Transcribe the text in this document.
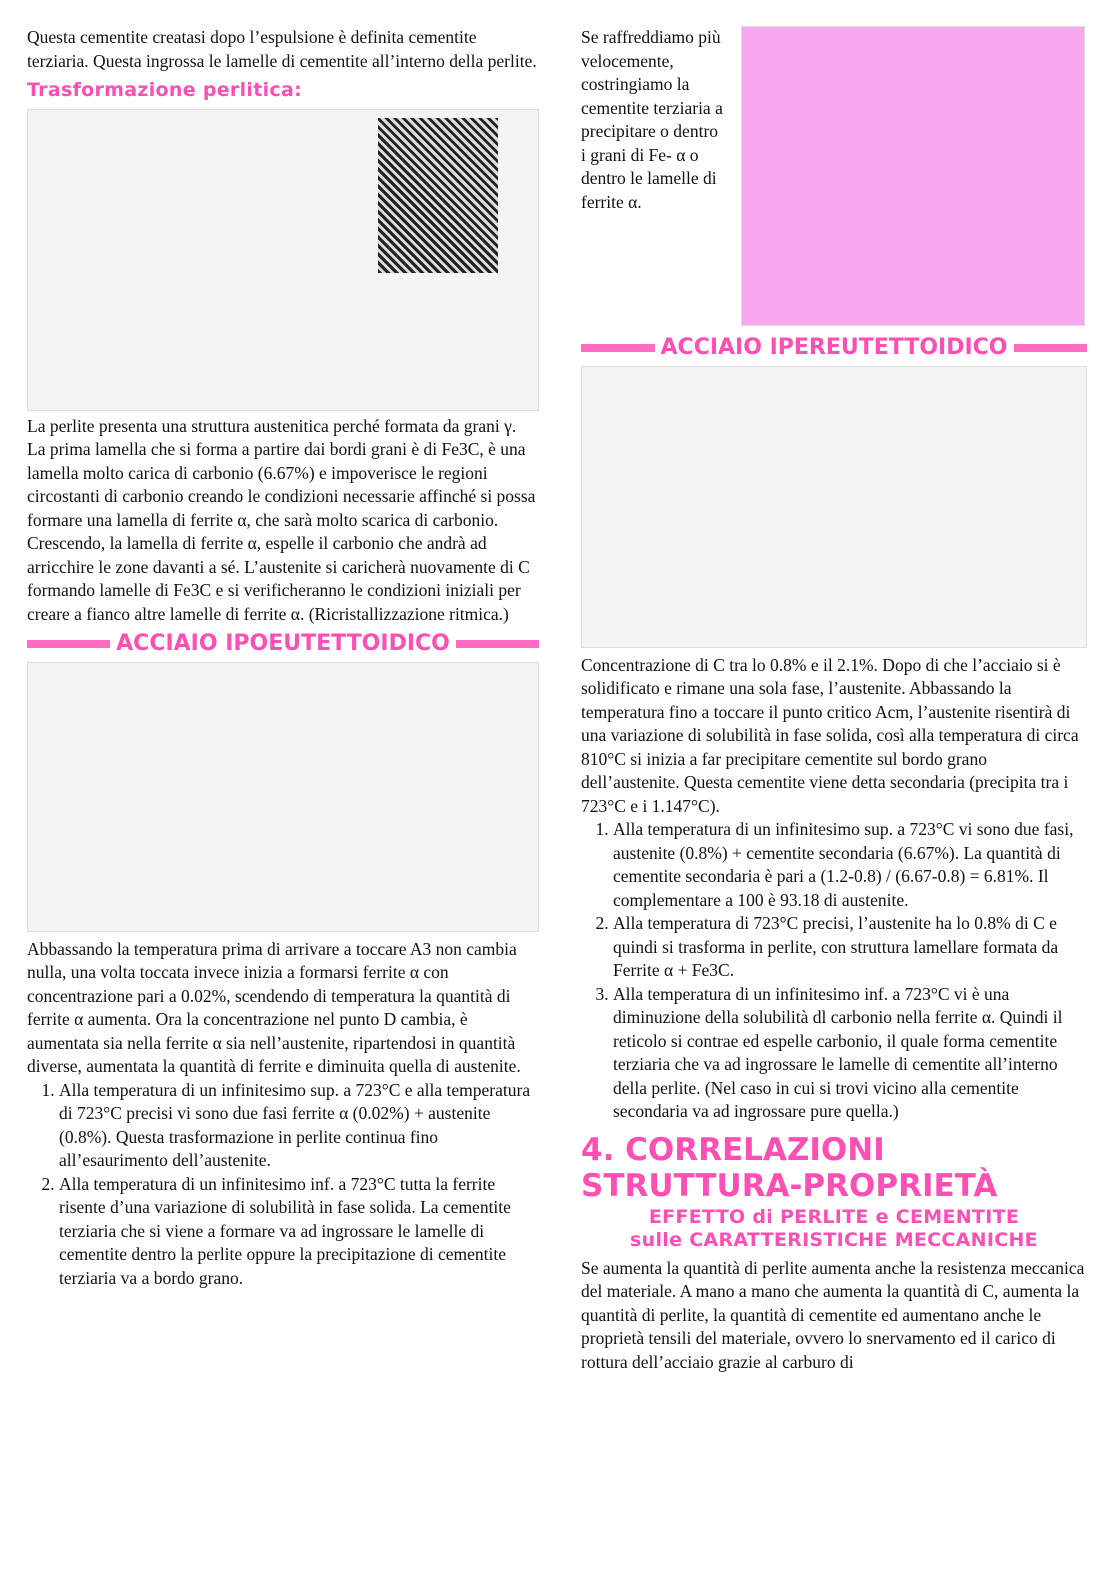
Questa cementite creatasi dopo l’espulsione è definita cementite terziaria. Questa ingrossa le lamelle di cementite all’interno della perlite.

Trasformazione perlitica:

La perlite presenta una struttura austenitica perché formata da grani γ. La prima lamella che si forma a partire dai bordi grani è di Fe3C, è una lamella molto carica di carbonio (6.67%) e impoverisce le regioni circostanti di carbonio creando le condizioni necessarie affinché si possa formare una lamella di ferrite α, che sarà molto scarica di carbonio. Crescendo, la lamella di ferrite α, espelle il carbonio che andrà ad arricchire le zone davanti a sé. L’austenite si caricherà nuovamente di C formando lamelle di Fe3C e si verificheranno le condizioni iniziali per creare a fianco altre lamelle di ferrite α. (Ricristallizzazione ritmica.)

ACCIAIO IPOEUTETTOIDICO

Abbassando la temperatura prima di arrivare a toccare A3 non cambia nulla, una volta toccata invece inizia a formarsi ferrite α con concentrazione pari a 0.02%, scendendo di temperatura la quantità di ferrite α aumenta. Ora la concentrazione nel punto D cambia, è aumentata sia nella ferrite α sia nell’austenite, ripartendosi in quantità diverse, aumentata la quantità di ferrite e diminuita quella di austenite.

1. Alla temperatura di un infinitesimo sup. a 723°C e alla temperatura di 723°C precisi vi sono due fasi ferrite α (0.02%) + austenite (0.8%). Questa trasformazione in perlite continua fino all’esaurimento dell’austenite.
2. Alla temperatura di un infinitesimo inf. a 723°C tutta la ferrite risente d’una variazione di solubilità in fase solida. La cementite terziaria che si viene a formare va ad ingrossare le lamelle di cementite dentro la perlite oppure la precipitazione di cementite terziaria va a bordo grano.

Se raffreddiamo più velocemente, costringiamo la cementite terziaria a precipitare o dentro i grani di Fe- α o dentro le lamelle di ferrite α.

ACCIAIO IPEREUTETTOIDICO

Concentrazione di C tra lo 0.8% e il 2.1%. Dopo di che l’acciaio si è solidificato e rimane una sola fase, l’austenite. Abbassando la temperatura fino a toccare il punto critico Acm, l’austenite risentirà di una variazione di solubilità in fase solida, così alla temperatura di circa 810°C si inizia a far precipitare cementite sul bordo grano dell’austenite. Questa cementite viene detta secondaria (precipita tra i 723°C e i 1.147°C).

1. Alla temperatura di un infinitesimo sup. a 723°C vi sono due fasi, austenite (0.8%) + cementite secondaria (6.67%). La quantità di cementite secondaria è pari a (1.2-0.8) / (6.67-0.8) = 6.81%. Il complementare a 100 è 93.18 di austenite.
2. Alla temperatura di 723°C precisi, l’austenite ha lo 0.8% di C e quindi si trasforma in perlite, con struttura lamellare formata da Ferrite α + Fe3C.
3. Alla temperatura di un infinitesimo inf. a 723°C vi è una diminuzione della solubilità dl carbonio nella ferrite α. Quindi il reticolo si contrae ed espelle carbonio, il quale forma cementite terziaria che va ad ingrossare le lamelle di cementite all’interno della perlite. (Nel caso in cui si trovi vicino alla cementite secondaria va ad ingrossare pure quella.)
4. CORRELAZIONI STRUTTURA-PROPRIETÀ
EFFETTO di PERLITE e CEMENTITE
sulle CARATTERISTICHE MECCANICHE

Se aumenta la quantità di perlite aumenta anche la resistenza meccanica del materiale. A mano a mano che aumenta la quantità di C, aumenta la quantità di perlite, la quantità di cementite ed aumentano anche le proprietà tensili del materiale, ovvero lo snervamento ed il carico di rottura dell’acciaio grazie al carburo di
